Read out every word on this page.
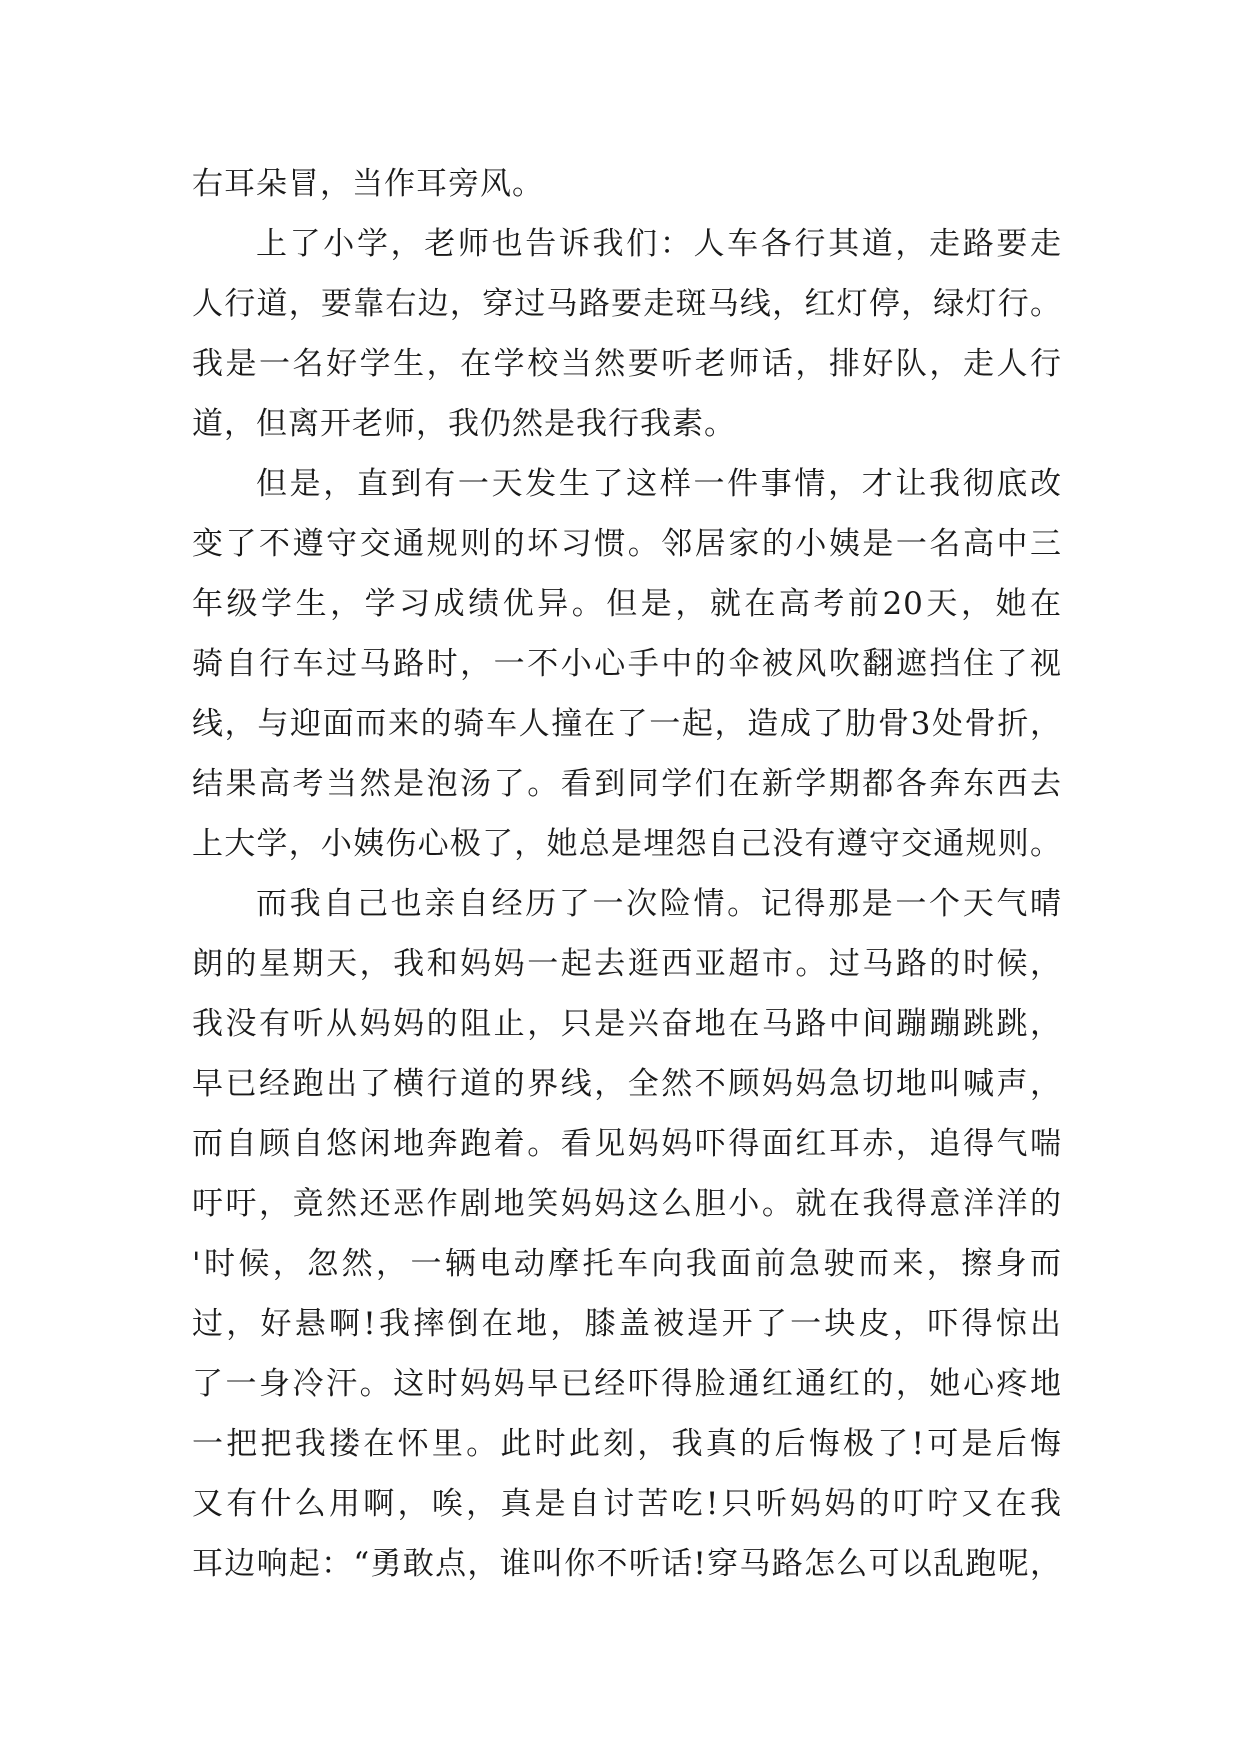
右耳朵冒，当作耳旁风。
上了小学，老师也告诉我们：人车各行其道，走路要走
人行道，要靠右边，穿过马路要走斑马线，红灯停，绿灯行。
我是一名好学生，在学校当然要听老师话，排好队，走人行
道，但离开老师，我仍然是我行我素。
但是，直到有一天发生了这样一件事情，才让我彻底改
变了不遵守交通规则的坏习惯。邻居家的小姨是一名高中三
年级学生，学习成绩优异。但是，就在高考前20天，她在
骑自行车过马路时，一不小心手中的伞被风吹翻遮挡住了视
线，与迎面而来的骑车人撞在了一起，造成了肋骨3处骨折，
结果高考当然是泡汤了。看到同学们在新学期都各奔东西去
上大学，小姨伤心极了，她总是埋怨自己没有遵守交通规则。
而我自己也亲自经历了一次险情。记得那是一个天气晴
朗的星期天，我和妈妈一起去逛西亚超市。过马路的时候，
我没有听从妈妈的阻止，只是兴奋地在马路中间蹦蹦跳跳，
早已经跑出了横行道的界线，全然不顾妈妈急切地叫喊声，
而自顾自悠闲地奔跑着。看见妈妈吓得面红耳赤，追得气喘
吁吁，竟然还恶作剧地笑妈妈这么胆小。就在我得意洋洋的
'时候，忽然，一辆电动摩托车向我面前急驶而来，擦身而
过，好悬啊!我摔倒在地，膝盖被逞开了一块皮，吓得惊出
了一身冷汗。这时妈妈早已经吓得脸通红通红的，她心疼地
一把把我搂在怀里。此时此刻，我真的后悔极了!可是后悔
又有什么用啊，唉，真是自讨苦吃!只听妈妈的叮咛又在我
耳边响起：“勇敢点，谁叫你不听话!穿马路怎么可以乱跑呢，
